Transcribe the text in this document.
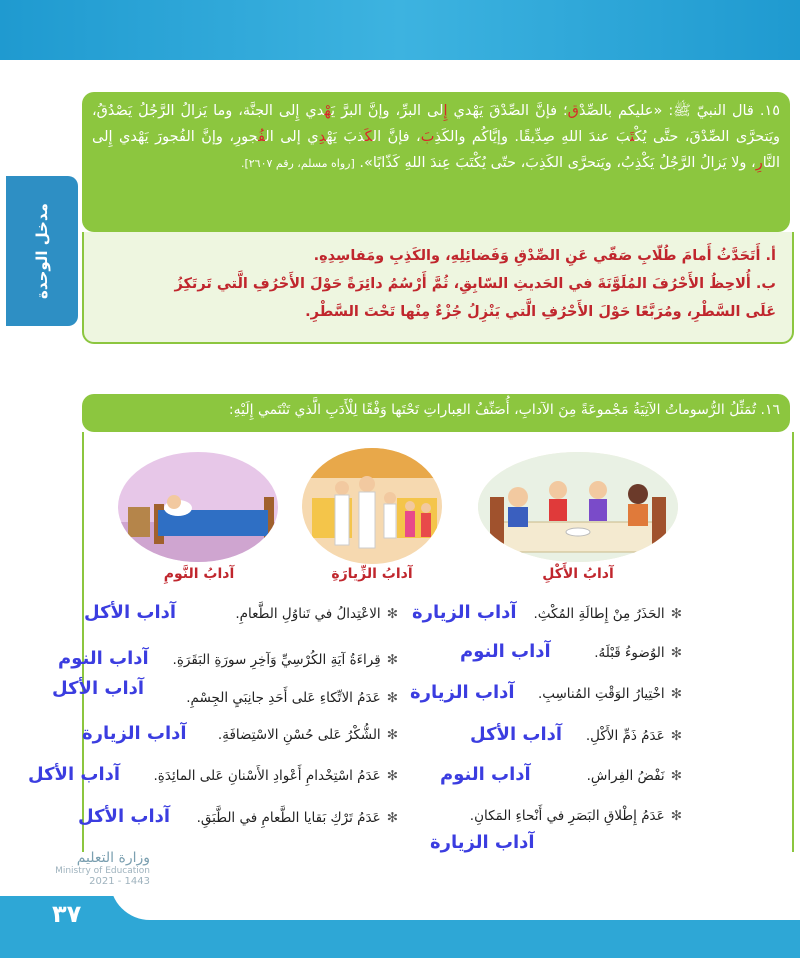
مدخل الوحدة
١٥. قال النبيّ ﷺ: «عليكم بالصِّدْق؛ فإنَّ الصِّدْقَ يَهْدي إِلى البرِّ، وإنَّ البرَّ يَهْدي إِلى الجنَّة، وما يَزالُ الرَّجُلُ يَصْدُقُ، ويَتحرَّى الصِّدْقَ، حتَّى يُكْتَبَ عندَ اللهِ صِدِّيقًا. وإيَّاكُم والكَذِبَ، فإنَّ الكَذبَ يَهْدِي إلى الفُجورِ، وإنَّ الفُجورَ يَهْدي إِلى النَّارِ، ولا يَزالُ الرَّجُلُ يَكْذِبُ، ويَتحرَّى الكَذِبَ، حتّى يُكْتَبَ عِندَ اللهِ كَذّابًا». [رواه مسلم، رقم ٢٦٠٧].
أ. أَتَحَدَّثُ أَمامَ طُلّابِ صَفّي عَنِ الصِّدْقِ وَفَضائِلِهِ، والكَذِبِ ومَفاسِدِهِ.
ب. أُلاحِظُ الأَحْرُفَ المُلَوَّنَةَ في الحَديثِ السّابِقِ، ثُمَّ أَرْسُمُ دائِرَةً حَوْلَ الأَحْرُفِ الَّتي تَرتَكِزُ
عَلَى السَّطْرِ، ومُرَبَّعًا حَوْلَ الأَحْرُفِ الَّتي يَنْزِلُ جُزْءٌ مِنْها تَحْتَ السَّطْرِ.
١٦. تُمَثِّلُ الرُّسوماتُ الآتِيَةُ مَجْموعَةً مِنَ الآدابِ، أُصَنِّفُ العِباراتِ تَحْتَها وَفْقًا لِلْأَدَبِ الَّذي تَنْتَمي إِلَيْهِ:
آدابُ الأَكْلِ
آدابُ الزِّيارَةِ
آدابُ النَّومِ
✻الحَذَرُ مِنْ إِطالَةِ المُكْثِ.
آداب الزيارة
✻الوُضوءُ قَبْلَهُ.
آداب النوم
✻اخْتِيارُ الوَقْتِ المُناسِبِ.
آداب الزيارة
✻عَدَمُ ذَمِّ الأَكْلِ.
آداب الأكل
✻نَفْضُ الفِراشِ.
آداب النوم
✻عَدَمُ إِطْلاقِ البَصَرِ في أَنْحاءِ المَكانِ.
آداب الزيارة
✻الاعْتِدالُ في تَناوُلِ الطَّعامِ.
آداب الأكل
✻قِراءَةُ آيَةِ الكُرْسِيِّ وَآخِرِ سورَةِ البَقَرَةِ.
آداب النوم
✻عَدَمُ الاتِّكاءِ عَلى أَحَدِ جانِبَيِ الجِسْمِ.
آداب الأكل
✻الشُّكْرُ عَلى حُسْنِ الاسْتِضافَةِ.
آداب الزيارة
✻عَدَمُ اسْتِخْدامِ أَعْوادِ الأَسْنانِ عَلى المائِدَةِ.
آداب الأكل
✻عَدَمُ تَرْكِ بَقايا الطَّعامِ في الطَّبَقِ.
آداب الأكل
٣٧
وزارة التعليم
Ministry of Education
2021 - 1443
